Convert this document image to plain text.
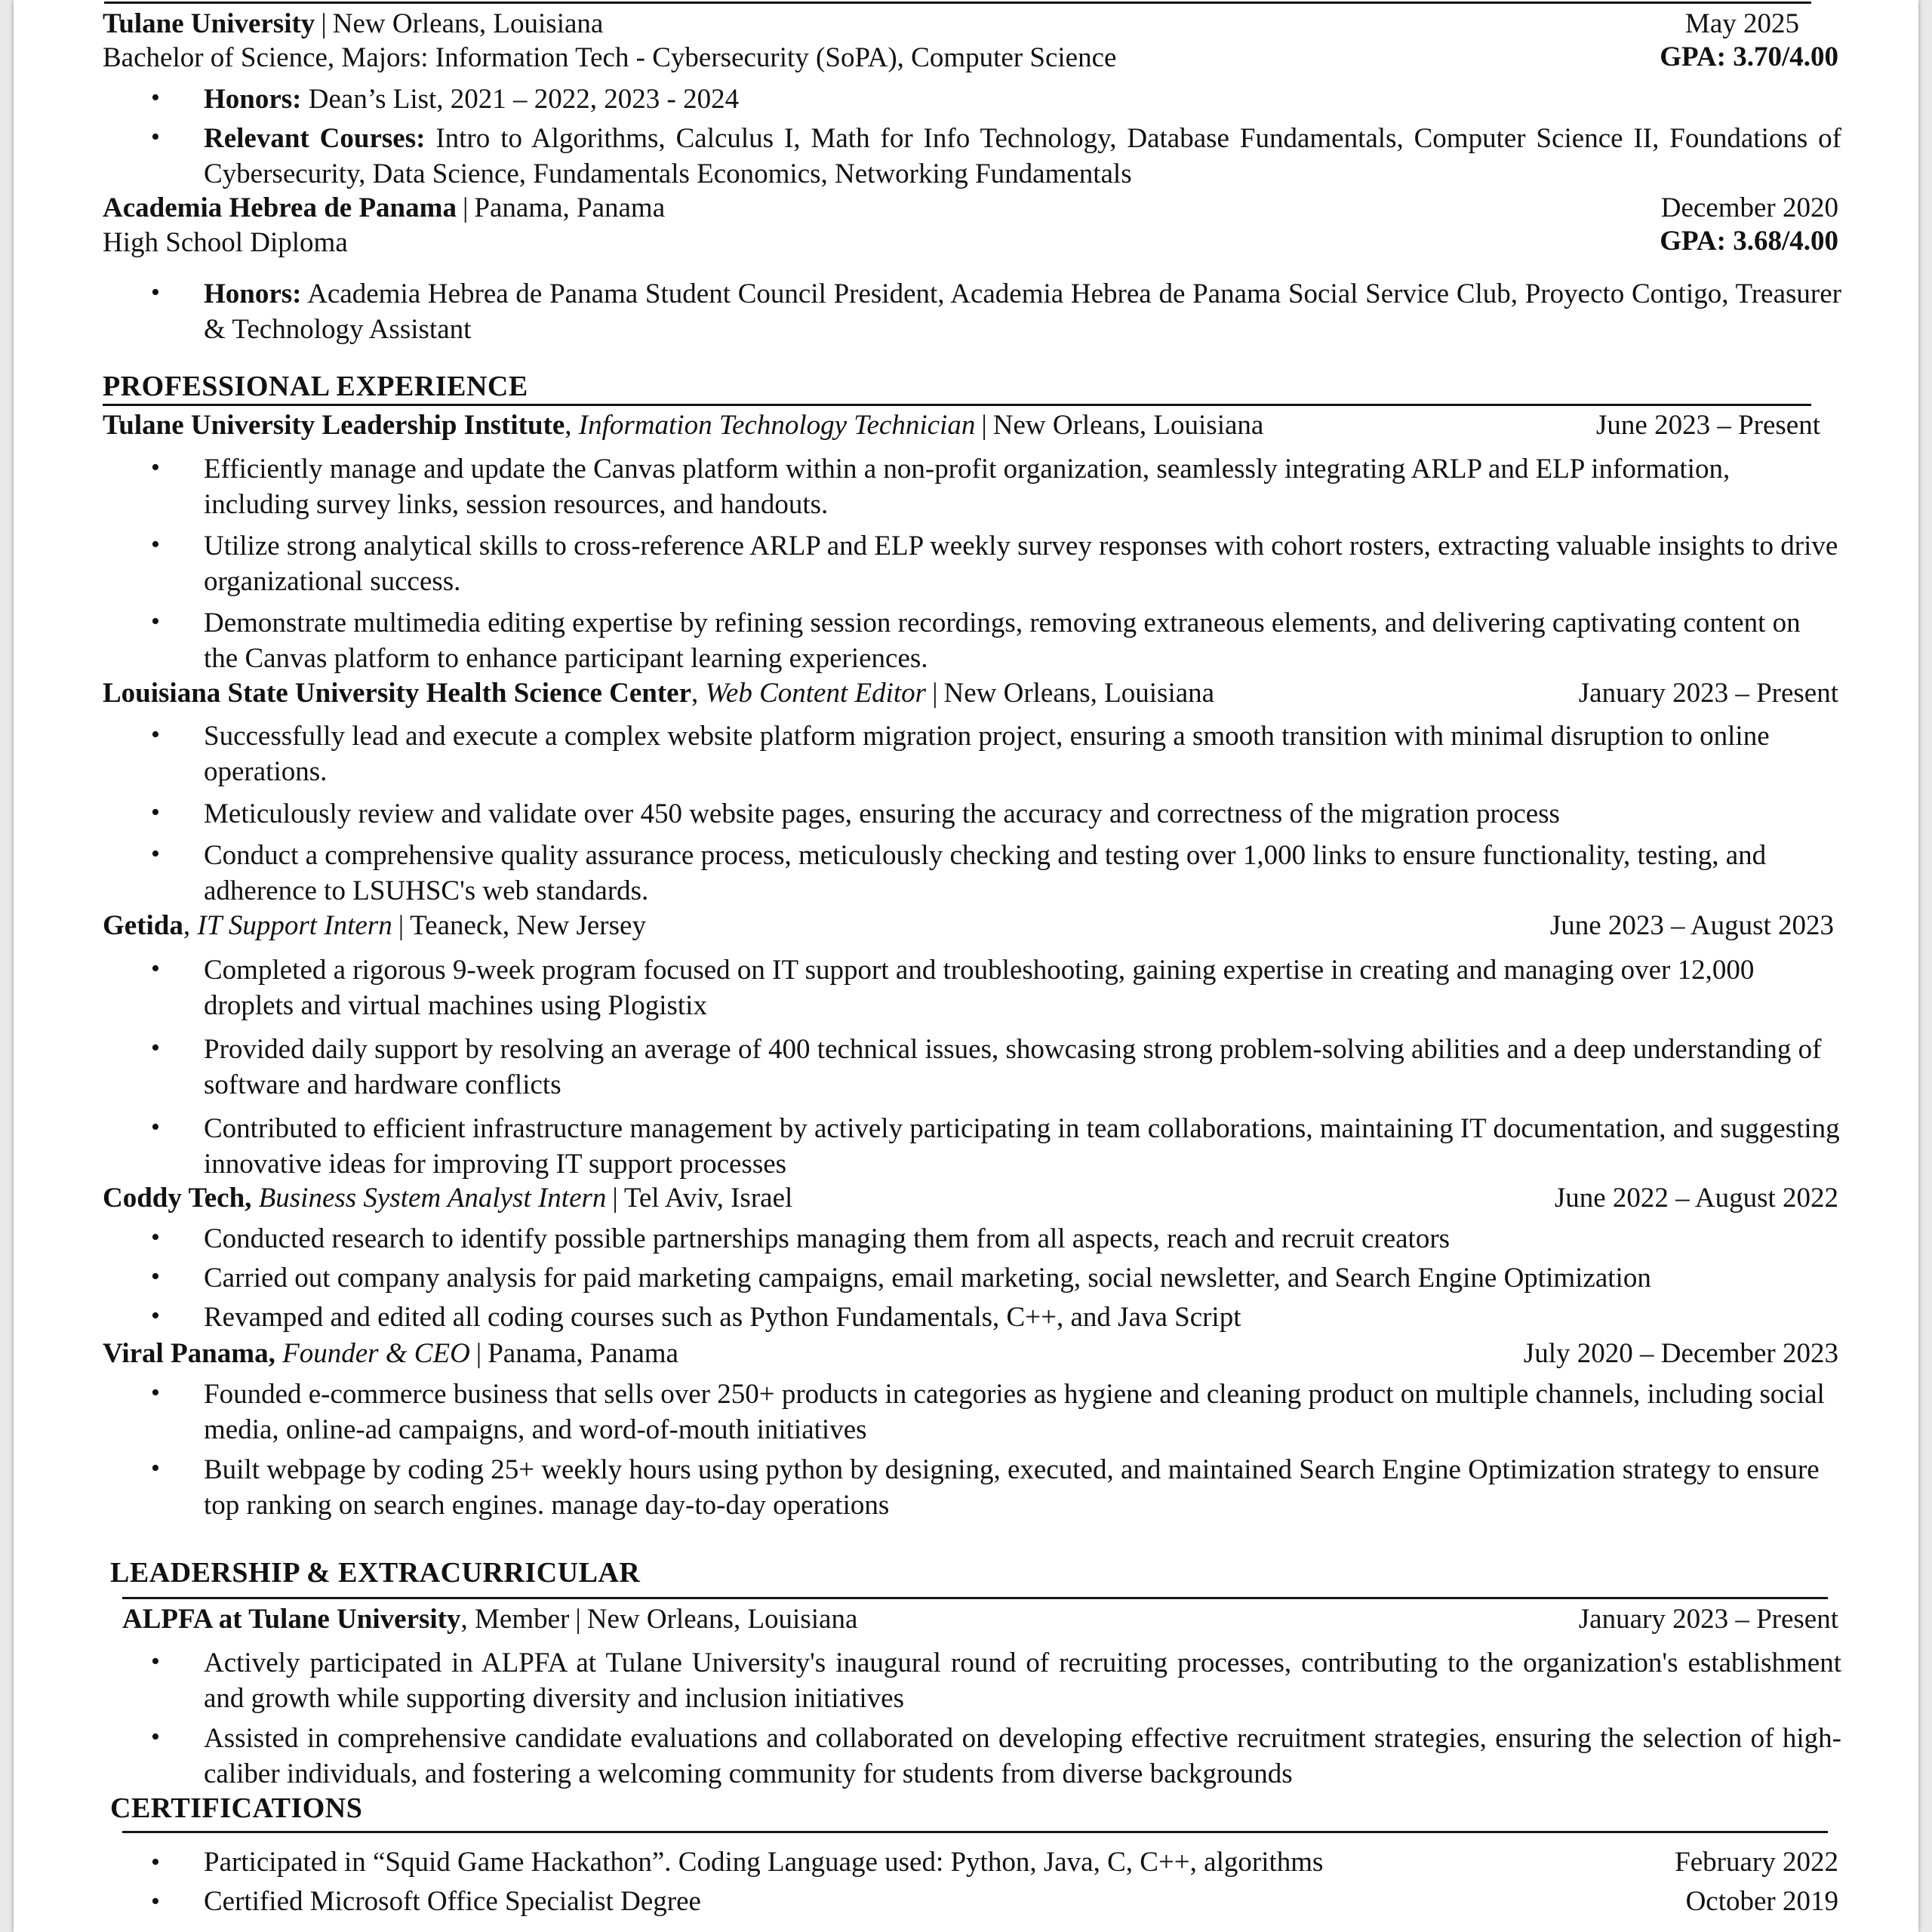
Tulane University | New Orleans, Louisiana	May 2025
Bachelor of Science, Majors: Information Tech - Cybersecurity (SoPA), Computer Science	GPA: 3.70/4.00
• Honors: Dean’s List, 2021 – 2022, 2023 - 2024
• Relevant Courses: Intro to Algorithms, Calculus I, Math for Info Technology, Database Fundamentals, Computer Science II, Foundations of Cybersecurity, Data Science, Fundamentals Economics, Networking Fundamentals
Academia Hebrea de Panama | Panama, Panama	December 2020
High School Diploma	GPA: 3.68/4.00
• Honors: Academia Hebrea de Panama Student Council President, Academia Hebrea de Panama Social Service Club, Proyecto Contigo, Treasurer & Technology Assistant
PROFESSIONAL EXPERIENCE
Tulane University Leadership Institute, Information Technology Technician | New Orleans, Louisiana	June 2023 – Present
• Efficiently manage and update the Canvas platform within a non-profit organization, seamlessly integrating ARLP and ELP information, including survey links, session resources, and handouts.
• Utilize strong analytical skills to cross-reference ARLP and ELP weekly survey responses with cohort rosters, extracting valuable insights to drive organizational success.
• Demonstrate multimedia editing expertise by refining session recordings, removing extraneous elements, and delivering captivating content on the Canvas platform to enhance participant learning experiences.
Louisiana State University Health Science Center, Web Content Editor | New Orleans, Louisiana	January 2023 – Present
• Successfully lead and execute a complex website platform migration project, ensuring a smooth transition with minimal disruption to online operations.
• Meticulously review and validate over 450 website pages, ensuring the accuracy and correctness of the migration process
• Conduct a comprehensive quality assurance process, meticulously checking and testing over 1,000 links to ensure functionality, testing, and adherence to LSUHSC's web standards.
Getida, IT Support Intern | Teaneck, New Jersey	June 2023 – August 2023
• Completed a rigorous 9-week program focused on IT support and troubleshooting, gaining expertise in creating and managing over 12,000 droplets and virtual machines using Plogistix
• Provided daily support by resolving an average of 400 technical issues, showcasing strong problem-solving abilities and a deep understanding of software and hardware conflicts
• Contributed to efficient infrastructure management by actively participating in team collaborations, maintaining IT documentation, and suggesting innovative ideas for improving IT support processes
Coddy Tech, Business System Analyst Intern | Tel Aviv, Israel	June 2022 – August 2022
• Conducted research to identify possible partnerships managing them from all aspects, reach and recruit creators
• Carried out company analysis for paid marketing campaigns, email marketing, social newsletter, and Search Engine Optimization
• Revamped and edited all coding courses such as Python Fundamentals, C++, and Java Script
Viral Panama, Founder & CEO | Panama, Panama	July 2020 – December 2023
• Founded e-commerce business that sells over 250+ products in categories as hygiene and cleaning product on multiple channels, including social media, online-ad campaigns, and word-of-mouth initiatives
• Built webpage by coding 25+ weekly hours using python by designing, executed, and maintained Search Engine Optimization strategy to ensure top ranking on search engines. manage day-to-day operations
LEADERSHIP & EXTRACURRICULAR
ALPFA at Tulane University, Member | New Orleans, Louisiana	January 2023 – Present
• Actively participated in ALPFA at Tulane University's inaugural round of recruiting processes, contributing to the organization's establishment and growth while supporting diversity and inclusion initiatives
• Assisted in comprehensive candidate evaluations and collaborated on developing effective recruitment strategies, ensuring the selection of high-caliber individuals, and fostering a welcoming community for students from diverse backgrounds
CERTIFICATIONS
• Participated in “Squid Game Hackathon”. Coding Language used: Python, Java, C, C++, algorithms	February 2022
• Certified Microsoft Office Specialist Degree	October 2019
